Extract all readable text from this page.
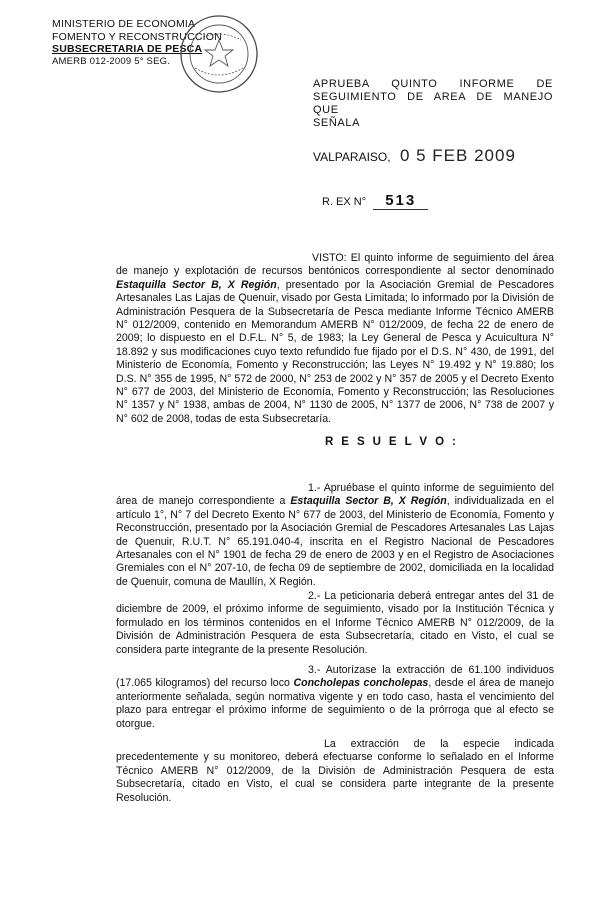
MINISTERIO DE ECONOMIA
FOMENTO Y RECONSTRUCCION
SUBSECRETARIA DE PESCA
AMERB 012-2009 5° SEG.
APRUEBA QUINTO INFORME DE
SEGUIMIENTO DE AREA DE MANEJO QUE
SEÑALA
VALPARAISO, 0 5 FEB 2009
R. EX N° 513
VISTO: El quinto informe de seguimiento del área de manejo y explotación de recursos bentónicos correspondiente al sector denominado Estaquilla Sector B, X Región, presentado por la Asociación Gremial de Pescadores Artesanales Las Lajas de Quenuir, visado por Gesta Limitada; lo informado por la División de Administración Pesquera de la Subsecretaría de Pesca mediante Informe Técnico AMERB N° 012/2009, contenido en Memorandum AMERB N° 012/2009, de fecha 22 de enero de 2009; lo dispuesto en el D.F.L. N° 5, de 1983; la Ley General de Pesca y Acuicultura N° 18.892 y sus modificaciones cuyo texto refundido fue fijado por el D.S. N° 430, de 1991, del Ministerio de Economía, Fomento y Reconstrucción; las Leyes N° 19.492 y N° 19.880; los D.S. N° 355 de 1995, N° 572 de 2000, N° 253 de 2002 y N° 357 de 2005 y el Decreto Exento N° 677 de 2003, del Ministerio de Economía, Fomento y Reconstrucción; las Resoluciones N° 1357 y N° 1938, ambas de 2004, N° 1130 de 2005, N° 1377 de 2006, N° 738 de 2007 y N° 602 de 2008, todas de esta Subsecretaría.
R E S U E L V O :
1.- Apruébase el quinto informe de seguimiento del área de manejo correspondiente a Estaquilla Sector B, X Región, individualizada en el artículo 1°, N° 7 del Decreto Exento N° 677 de 2003, del Ministerio de Economía, Fomento y Reconstrucción, presentado por la Asociación Gremial de Pescadores Artesanales Las Lajas de Quenuir, R.U.T. N° 65.191.040-4, inscrita en el Registro Nacional de Pescadores Artesanales con el N° 1901 de fecha 29 de enero de 2003 y en el Registro de Asociaciones Gremiales con el N° 207-10, de fecha 09 de septiembre de 2002, domiciliada en la localidad de Quenuir, comuna de Maullín, X Región.
2.- La peticionaria deberá entregar antes del 31 de diciembre de 2009, el próximo informe de seguimiento, visado por la Institución Técnica y formulado en los términos contenidos en el Informe Técnico AMERB N° 012/2009, de la División de Administración Pesquera de esta Subsecretaría, citado en Visto, el cual se considera parte integrante de la presente Resolución.
3.- Autorízase la extracción de 61.100 individuos (17.065 kilogramos) del recurso loco Concholepas concholepas, desde el área de manejo anteriormente señalada, según normativa vigente y en todo caso, hasta el vencimiento del plazo para entregar el próximo informe de seguimiento o de la prórroga que al efecto se otorgue.
La extracción de la especie indicada precedentemente y su monitoreo, deberá efectuarse conforme lo señalado en el Informe Técnico AMERB N° 012/2009, de la División de Administración Pesquera de esta Subsecretaría, citado en Visto, el cual se considera parte integrante de la presente Resolución.
